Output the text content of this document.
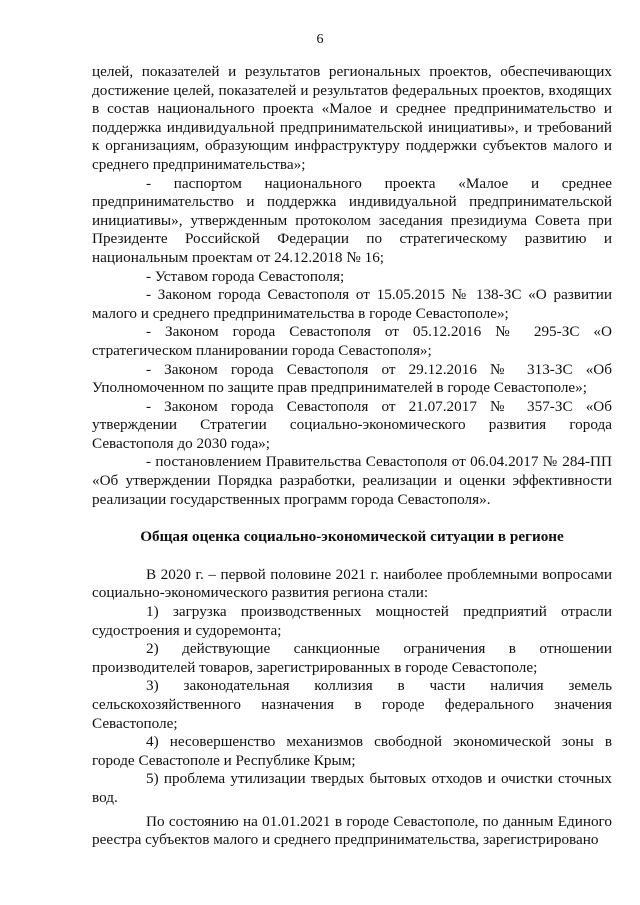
6

целей, показателей и результатов региональных проектов, обеспечивающих достижение целей, показателей и результатов федеральных проектов, входящих в состав национального проекта «Малое и среднее предпринимательство и поддержка индивидуальной предпринимательской инициативы», и требований к организациям, образующим инфраструктуру поддержки субъектов малого и среднего предпринимательства»;

- паспортом национального проекта «Малое и среднее предпринимательство и поддержка индивидуальной предпринимательской инициативы», утвержденным протоколом заседания президиума Совета при Президенте Российской Федерации по стратегическому развитию и национальным проектам от 24.12.2018 № 16;

- Уставом города Севастополя;

- Законом города Севастополя от 15.05.2015 № 138-ЗС «О развитии малого и среднего предпринимательства в городе Севастополе»;

- Законом города Севастополя от 05.12.2016 № 295-ЗС «О стратегическом планировании города Севастополя»;

- Законом города Севастополя от 29.12.2016 № 313-ЗС «Об Уполномоченном по защите прав предпринимателей в городе Севастополе»;

- Законом города Севастополя от 21.07.2017 № 357-ЗС «Об утверждении Стратегии социально-экономического развития города Севастополя до 2030 года»;

- постановлением Правительства Севастополя от 06.04.2017 № 284-ПП «Об утверждении Порядка разработки, реализации и оценки эффективности реализации государственных программ города Севастополя».

Общая оценка социально-экономической ситуации в регионе

В 2020 г. – первой половине 2021 г. наиболее проблемными вопросами социально-экономического развития региона стали:

1) загрузка производственных мощностей предприятий отрасли судостроения и судоремонта;

2) действующие санкционные ограничения в отношении производителей товаров, зарегистрированных в городе Севастополе;

3) законодательная коллизия в части наличия земель сельскохозяйственного назначения в городе федерального значения Севастополе;

4) несовершенство механизмов свободной экономической зоны в городе Севастополе и Республике Крым;

5) проблема утилизации твердых бытовых отходов и очистки сточных вод.

По состоянию на 01.01.2021 в городе Севастополе, по данным Единого реестра субъектов малого и среднего предпринимательства, зарегистрировано
